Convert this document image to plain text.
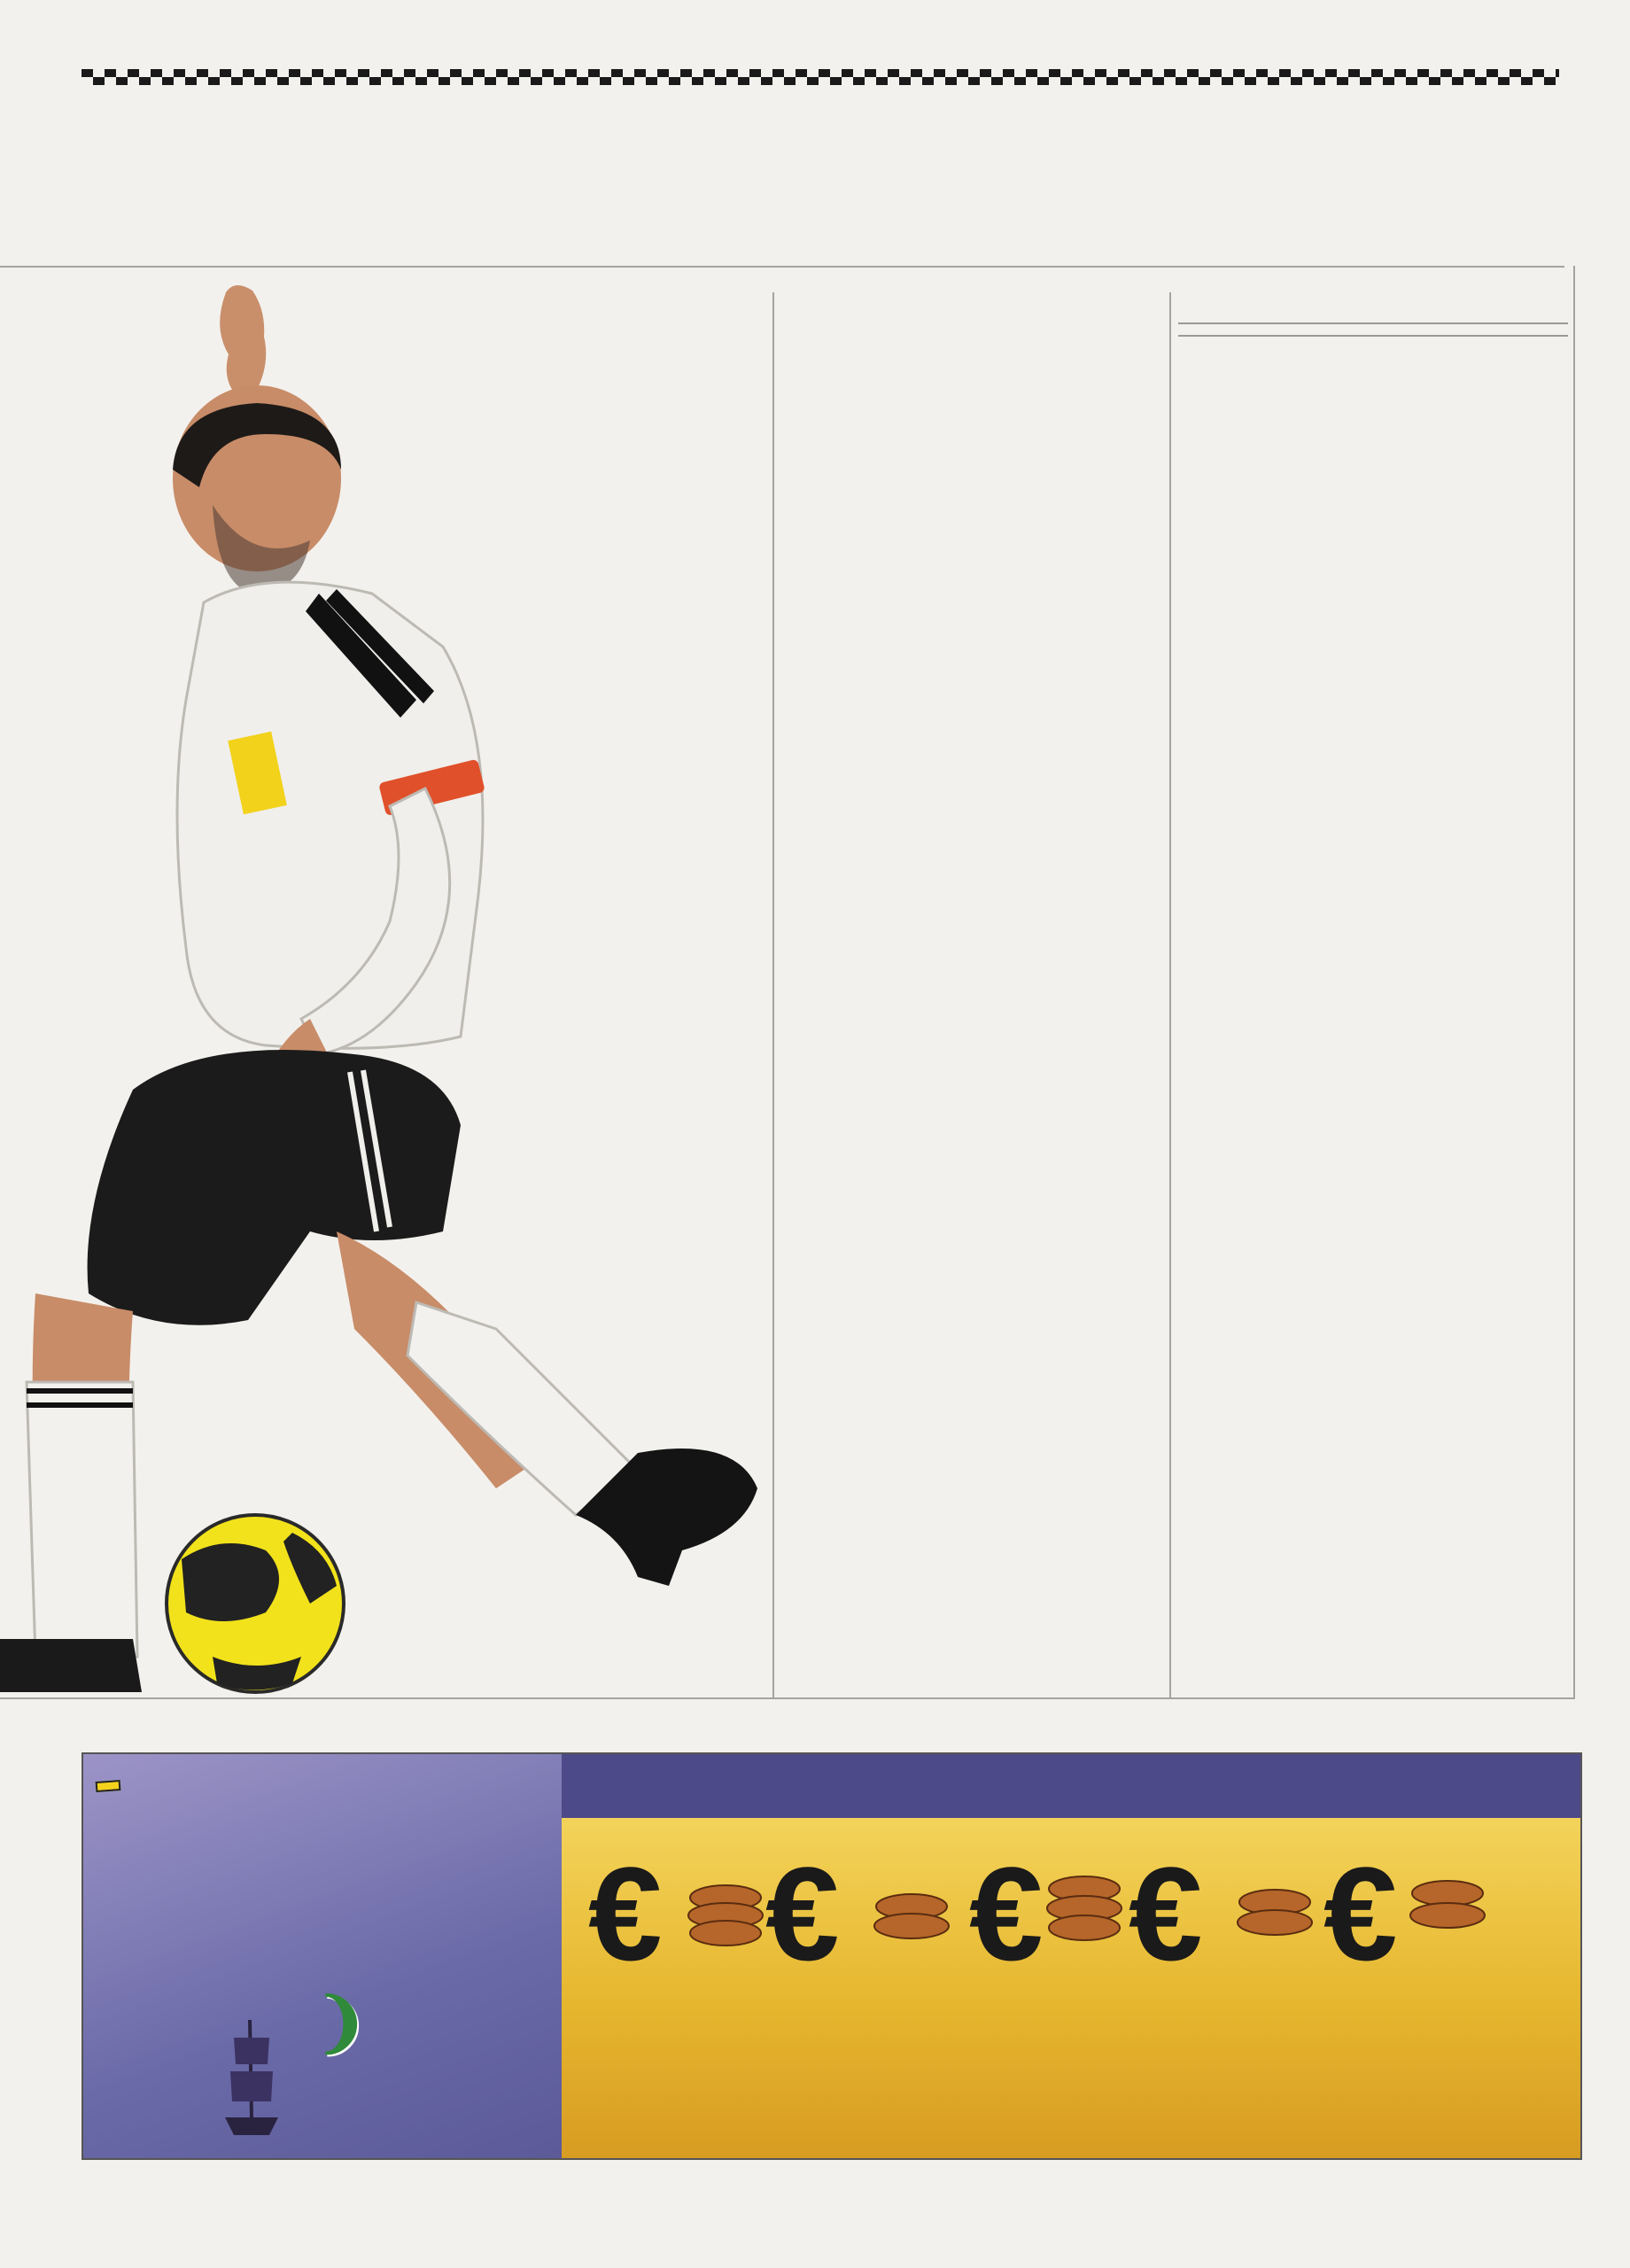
❩
€ € € € €
